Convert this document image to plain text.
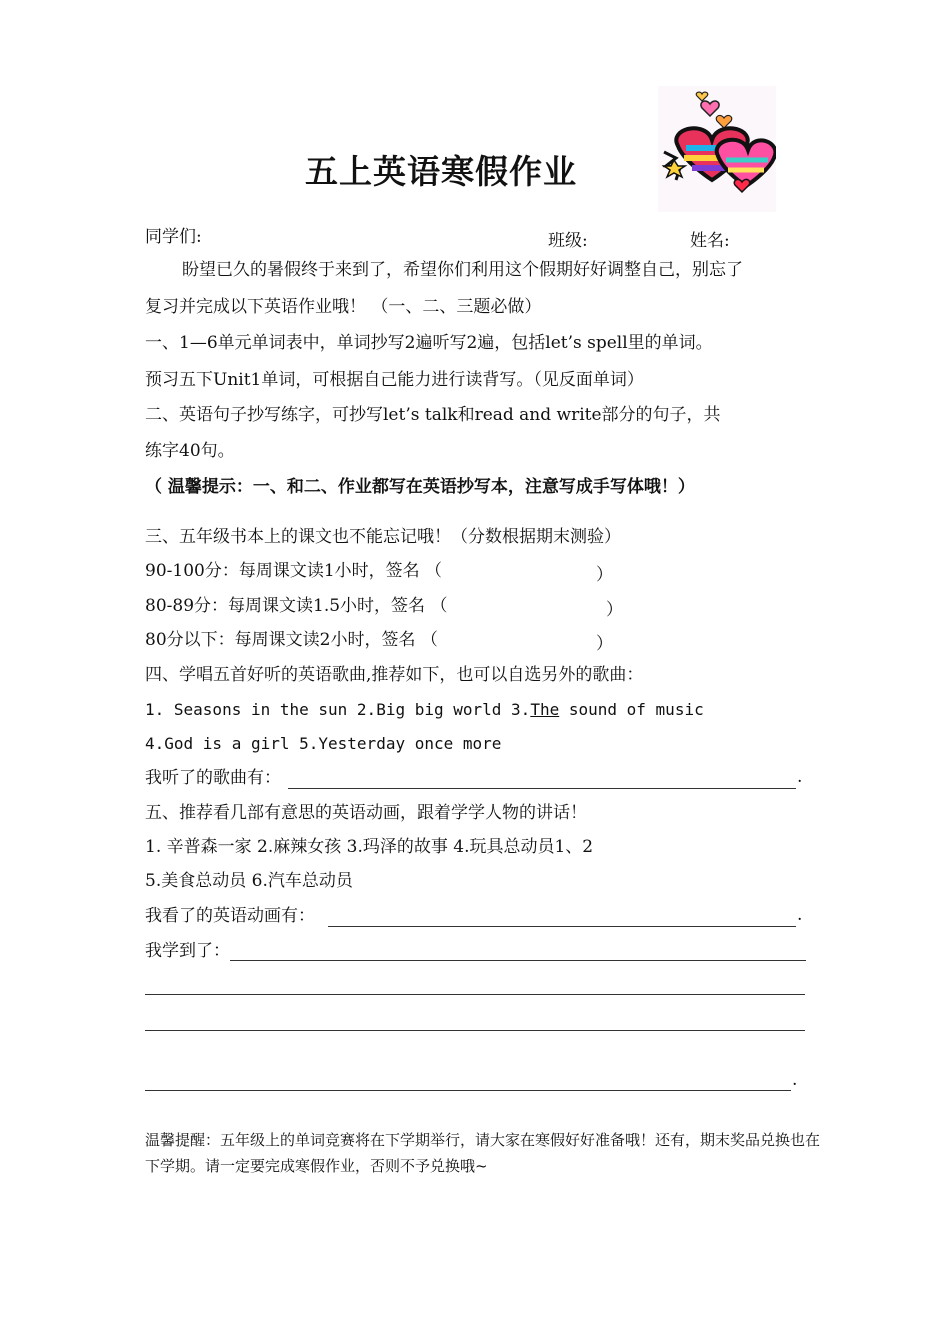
五上英语寒假作业
同学们:	班级:	姓名:
盼望已久的暑假终于来到了，希望你们利用这个假期好好调整自己，别忘了
复习并完成以下英语作业哦！ （一、二、三题必做）
一、1—6单元单词表中，单词抄写2遍听写2遍，包括let’s spell里的单词。
预习五下Unit1单词，可根据自己能力进行读背写。（见反面单词）
二、英语句子抄写练字，可抄写let’s talk和read and write部分的句子，共
练字40句。
（ 温馨提示：一、和二、作业都写在英语抄写本，注意写成手写体哦！）
三、五年级书本上的课文也不能忘记哦！（分数根据期末测验）
90-100分：每周课文读1小时，签名 （	）
80-89分：每周课文读1.5小时，签名 （	）
80分以下：每周课文读2小时，签名 （	）
四、学唱五首好听的英语歌曲,推荐如下，也可以自选另外的歌曲：
1. Seasons in the sun 2.Big big world 3.The sound of music
4.God is a girl 5.Yesterday once more
我听了的歌曲有：	.
五、推荐看几部有意思的英语动画，跟着学学人物的讲话！
1. 辛普森一家 2.麻辣女孩 3.玛泽的故事 4.玩具总动员1、2
5.美食总动员 6.汽车总动员
我看了的英语动画有：	.
我学到了：
.
温馨提醒：五年级上的单词竞赛将在下学期举行，请大家在寒假好好准备哦！还有，期末奖品兑换也在下学期。请一定要完成寒假作业，否则不予兑换哦~
